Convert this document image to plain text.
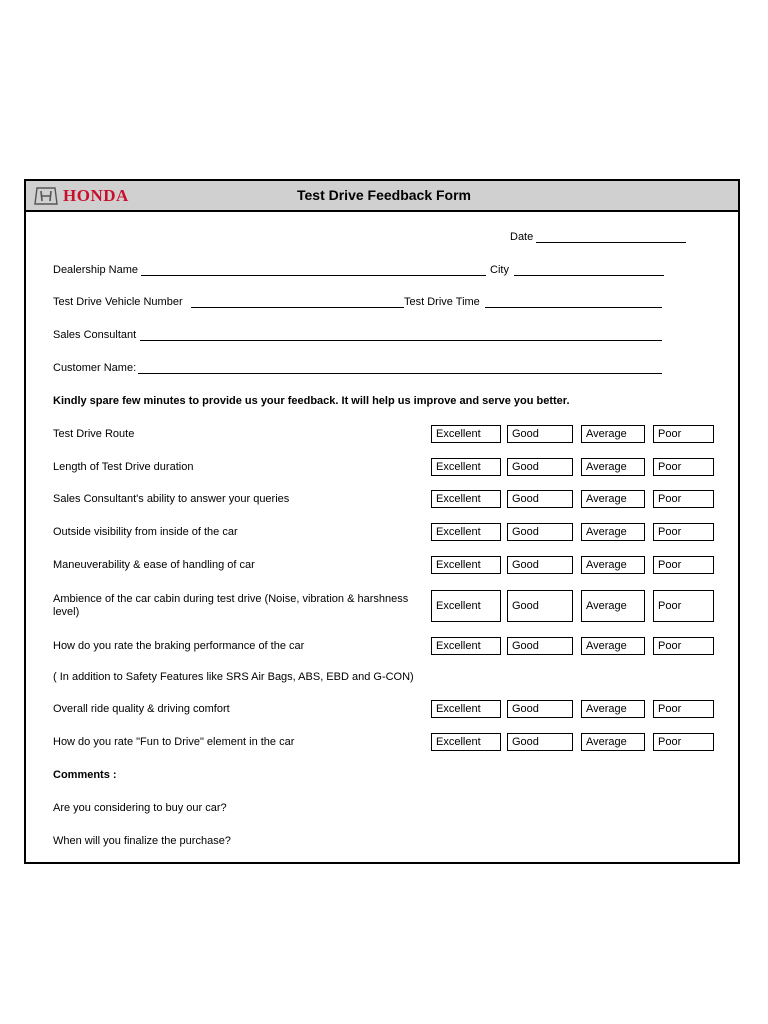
HONDA	Test Drive Feedback Form
Date
Dealership Name	City
Test Drive Vehicle Number	Test Drive Time
Sales Consultant
Customer Name:
Kindly spare few minutes to provide us your feedback. It will help us improve and serve you better.
Test Drive Route	Excellent	Good	Average	Poor
Length of Test Drive duration	Excellent	Good	Average	Poor
Sales Consultant's ability to answer your queries	Excellent	Good	Average	Poor
Outside visibility from inside of the car	Excellent	Good	Average	Poor
Maneuverability & ease of handling of car	Excellent	Good	Average	Poor
Ambience of the car cabin during test drive (Noise, vibration & harshness level)	Excellent	Good	Average	Poor
How do you rate the braking performance of the car	Excellent	Good	Average	Poor
( In addition to Safety Features like SRS Air Bags, ABS, EBD and G-CON)
Overall ride quality & driving comfort	Excellent	Good	Average	Poor
How do you rate "Fun to Drive" element in the car	Excellent	Good	Average	Poor
Comments :
Are you considering to buy our car?
When will you finalize the purchase?
